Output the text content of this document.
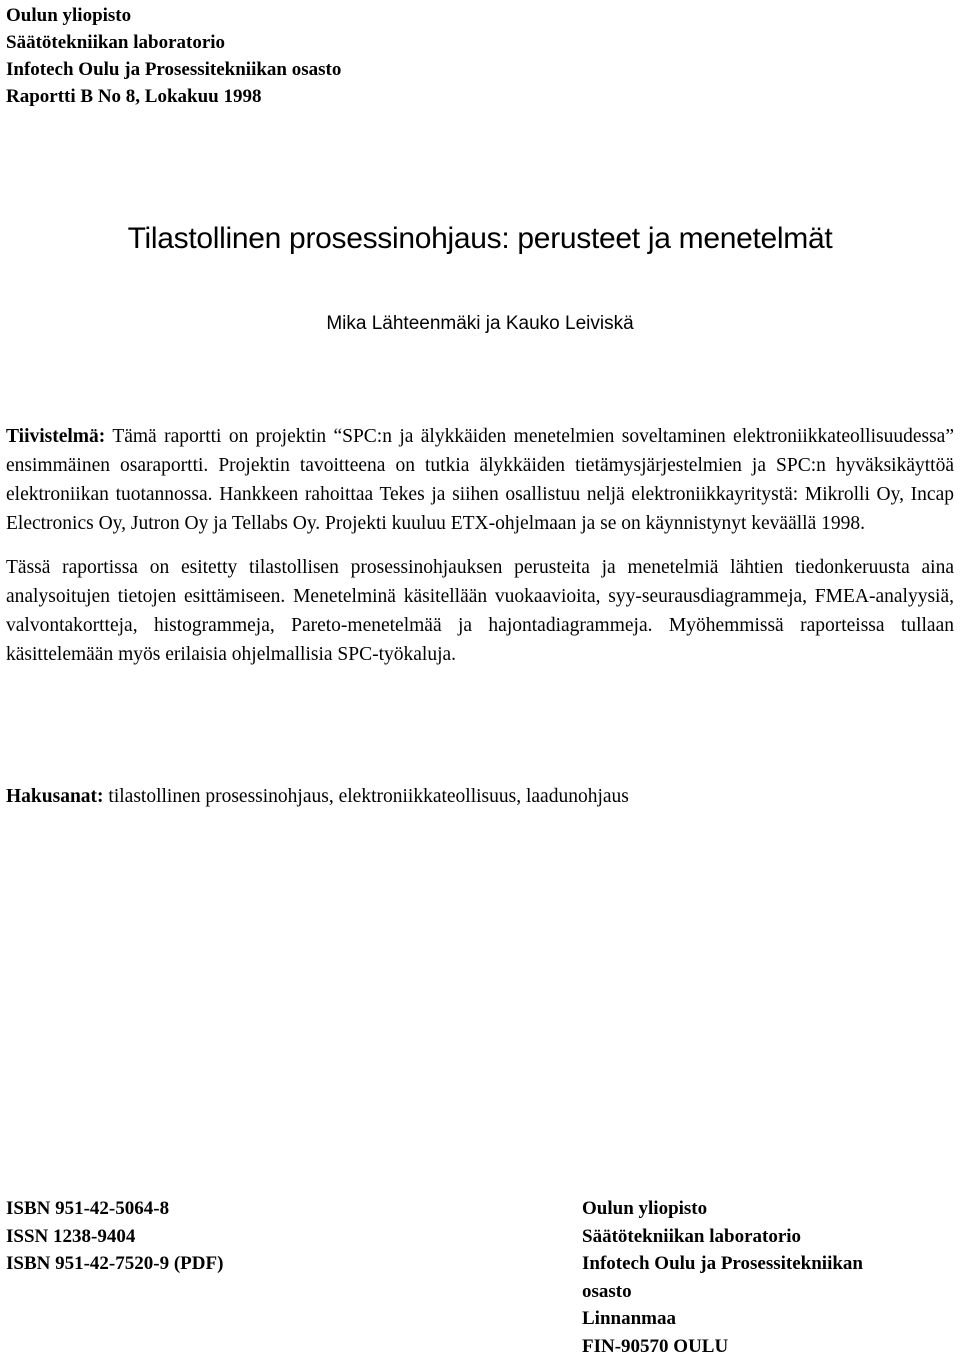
Oulun yliopisto
Säätötekniikan laboratorio
Infotech Oulu ja Prosessitekniikan osasto
Raportti B No 8, Lokakuu 1998
Tilastollinen prosessinohjaus: perusteet ja menetelmät
Mika Lähteenmäki ja Kauko Leiviskä

Tiivistelmä: Tämä raportti on projektin “SPC:n ja älykkäiden menetelmien soveltaminen elektroniikkateollisuudessa” ensimmäinen osaraportti. Projektin tavoitteena on tutkia älykkäiden tietämysjärjestelmien ja SPC:n hyväksikäyttöä elektroniikan tuotannossa. Hankkeen rahoittaa Tekes ja siihen osallistuu neljä elektroniikkayritystä: Mikrolli Oy, Incap Electronics Oy, Jutron Oy ja Tellabs Oy. Projekti kuuluu ETX-ohjelmaan ja se on käynnistynyt keväällä 1998.

Tässä raportissa on esitetty tilastollisen prosessinohjauksen perusteita ja menetelmiä lähtien tiedonkeruusta aina analysoitujen tietojen esittämiseen. Menetelminä käsitellään vuokaavioita, syy-seurausdiagrammeja, FMEA-analyysiä, valvontakortteja, histogrammeja, Pareto-menetelmää ja hajontadiagrammeja. Myöhemmissä raporteissa tullaan käsittelemään myös erilaisia ohjelmallisia SPC-työkaluja.

Hakusanat: tilastollinen prosessinohjaus, elektroniikkateollisuus, laadunohjaus
ISBN 951-42-5064-8
ISSN 1238-9404
ISBN 951-42-7520-9 (PDF)
Oulun yliopisto
Säätötekniikan laboratorio
Infotech Oulu ja Prosessitekniikan
osasto
Linnanmaa
FIN-90570 OULU
